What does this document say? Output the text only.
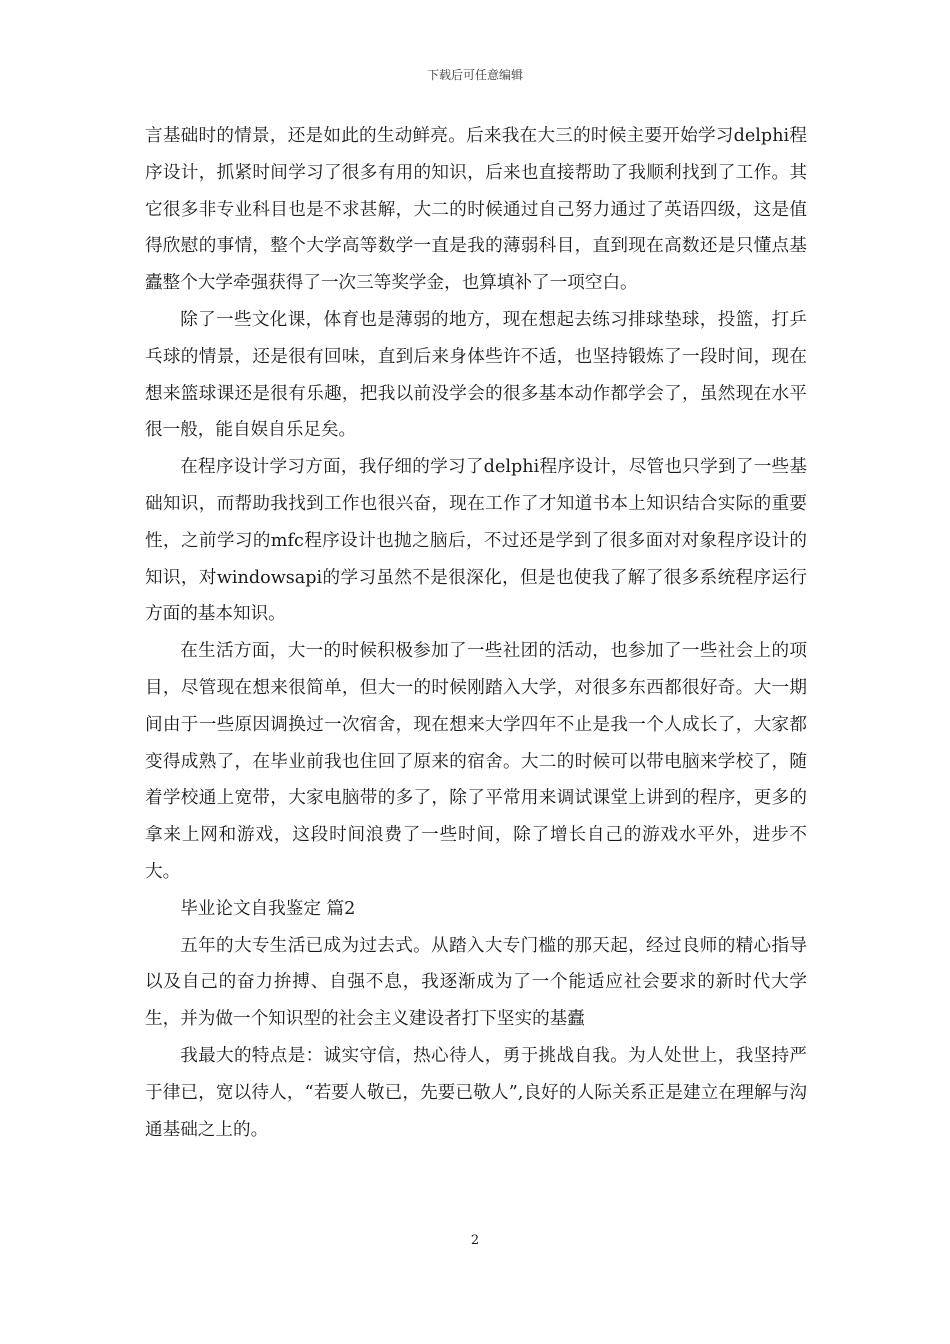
下载后可任意编辑

言基础时的情景，还是如此的生动鲜亮。后来我在大三的时候主要开始学习delphi程序设计，抓紧时间学习了很多有用的知识，后来也直接帮助了我顺利找到了工作。其它很多非专业科目也是不求甚解，大二的时候通过自己努力通过了英语四级，这是值得欣慰的事情，整个大学高等数学一直是我的薄弱科目，直到现在高数还是只懂点基蠹整个大学牵强获得了一次三等奖学金，也算填补了一项空白。

除了一些文化课，体育也是薄弱的地方，现在想起去练习排球垫球，投篮，打乒乓球的情景，还是很有回味，直到后来身体些许不适，也坚持锻炼了一段时间，现在想来篮球课还是很有乐趣，把我以前没学会的很多基本动作都学会了，虽然现在水平很一般，能自娱自乐足矣。

在程序设计学习方面，我仔细的学习了delphi程序设计，尽管也只学到了一些基础知识，而帮助我找到工作也很兴奋，现在工作了才知道书本上知识结合实际的重要性，之前学习的mfc程序设计也抛之脑后，不过还是学到了很多面对对象程序设计的知识，对windowsapi的学习虽然不是很深化，但是也使我了解了很多系统程序运行方面的基本知识。

在生活方面，大一的时候积极参加了一些社团的活动，也参加了一些社会上的项目，尽管现在想来很简单，但大一的时候刚踏入大学，对很多东西都很好奇。大一期间由于一些原因调换过一次宿舍，现在想来大学四年不止是我一个人成长了，大家都变得成熟了，在毕业前我也住回了原来的宿舍。大二的时候可以带电脑来学校了，随着学校通上宽带，大家电脑带的多了，除了平常用来调试课堂上讲到的程序，更多的拿来上网和游戏，这段时间浪费了一些时间，除了增长自己的游戏水平外，进步不大。

毕业论文自我鉴定 篇2

五年的大专生活已成为过去式。从踏入大专门槛的那天起，经过良师的精心指导以及自己的奋力拚搏、自强不息，我逐渐成为了一个能适应社会要求的新时代大学生，并为做一个知识型的社会主义建设者打下坚实的基蠹

我最大的特点是：诚实守信，热心待人，勇于挑战自我。为人处世上，我坚持严于律已，宽以待人，“若要人敬已，先要已敬人”,良好的人际关系正是建立在理解与沟通基础之上的。

2
